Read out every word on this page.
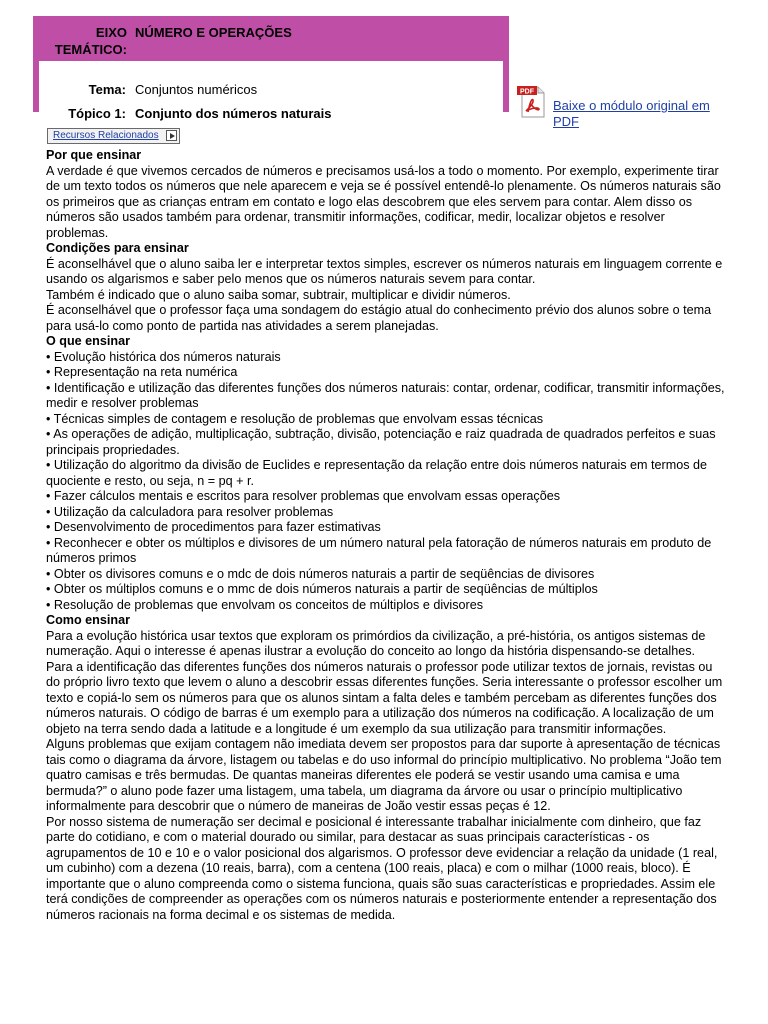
EIXO TEMÁTICO:
NÚMERO E OPERAÇÕES
Tema: Conjuntos numéricos
Tópico 1: Conjunto dos números naturais
PDF
Baixe o módulo original em PDF
Recursos Relacionados
Por que ensinar

A verdade é que vivemos cercados de números e precisamos usá-los a todo o momento. Por exemplo, experimente tirar de um texto todos os números que nele aparecem e veja se é possível entendê-lo plenamente. Os números naturais são os primeiros que as crianças entram em contato e logo elas descobrem que eles servem para contar. Alem disso os números são usados também para ordenar, transmitir informações, codificar, medir, localizar objetos e resolver problemas.

Condições para ensinar

É aconselhável que o aluno saiba ler e interpretar textos simples, escrever os números naturais em linguagem corrente e usando os algarismos e saber pelo menos que os números naturais sevem para contar.

Também é indicado que o aluno saiba somar, subtrair, multiplicar e dividir números.

É aconselhável que o professor faça uma sondagem do estágio atual do conhecimento prévio dos alunos sobre o tema para usá-lo como ponto de partida nas atividades a serem planejadas.

O que ensinar

• Evolução histórica dos números naturais

• Representação na reta numérica

• Identificação e utilização das diferentes funções dos números naturais: contar, ordenar, codificar, transmitir informações, medir e resolver problemas

• Técnicas simples de contagem e resolução de problemas que envolvam essas técnicas

• As operações de adição, multiplicação, subtração, divisão, potenciação e raiz quadrada de quadrados perfeitos e suas principais propriedades.

• Utilização do algoritmo da divisão de Euclides e representação da relação entre dois números naturais em termos de quociente e resto, ou seja, n = pq + r.

• Fazer cálculos mentais e escritos para resolver problemas que envolvam essas operações

• Utilização da calculadora para resolver problemas

• Desenvolvimento de procedimentos para fazer estimativas

• Reconhecer e obter os múltiplos e divisores de um número natural pela fatoração de números naturais em produto de números primos

• Obter os divisores comuns e o mdc de dois números naturais a partir de seqüências de divisores

• Obter os múltiplos comuns e o mmc de dois números naturais a partir de seqüências de múltiplos

• Resolução de problemas que envolvam os conceitos de múltiplos e divisores

Como ensinar

Para a evolução histórica usar textos que exploram os primórdios da civilização, a pré-história, os antigos sistemas de numeração. Aqui o interesse é apenas ilustrar a evolução do conceito ao longo da história dispensando-se detalhes.

Para a identificação das diferentes funções dos números naturais o professor pode utilizar textos de jornais, revistas ou do próprio livro texto que levem o aluno a descobrir essas diferentes funções. Seria interessante o professor escolher um texto e copiá-lo sem os números para que os alunos sintam a falta deles e também percebam as diferentes funções dos números naturais. O código de barras é um exemplo para a utilização dos números na codificação. A localização de um objeto na terra sendo dada a latitude e a longitude é um exemplo da sua utilização para transmitir informações.

Alguns problemas que exijam contagem não imediata devem ser propostos para dar suporte à apresentação de técnicas tais como o diagrama da árvore, listagem ou tabelas e do uso informal do princípio multiplicativo. No problema “João tem quatro camisas e três bermudas. De quantas maneiras diferentes ele poderá se vestir usando uma camisa e uma bermuda?” o aluno pode fazer uma listagem, uma tabela, um diagrama da árvore ou usar o princípio multiplicativo informalmente para descobrir que o número de maneiras de João vestir essas peças é 12.

Por nosso sistema de numeração ser decimal e posicional é interessante trabalhar inicialmente com dinheiro, que faz parte do cotidiano, e com o material dourado ou similar, para destacar as suas principais características - os agrupamentos de 10 e 10 e o valor posicional dos algarismos. O professor deve evidenciar a relação da unidade (1 real, um cubinho) com a dezena (10 reais, barra), com a centena (100 reais, placa) e com o milhar (1000 reais, bloco). É importante que o aluno compreenda como o sistema funciona, quais são suas características e propriedades. Assim ele terá condições de compreender as operações com os números naturais e posteriormente entender a representação dos números racionais na forma decimal e os sistemas de medida.
